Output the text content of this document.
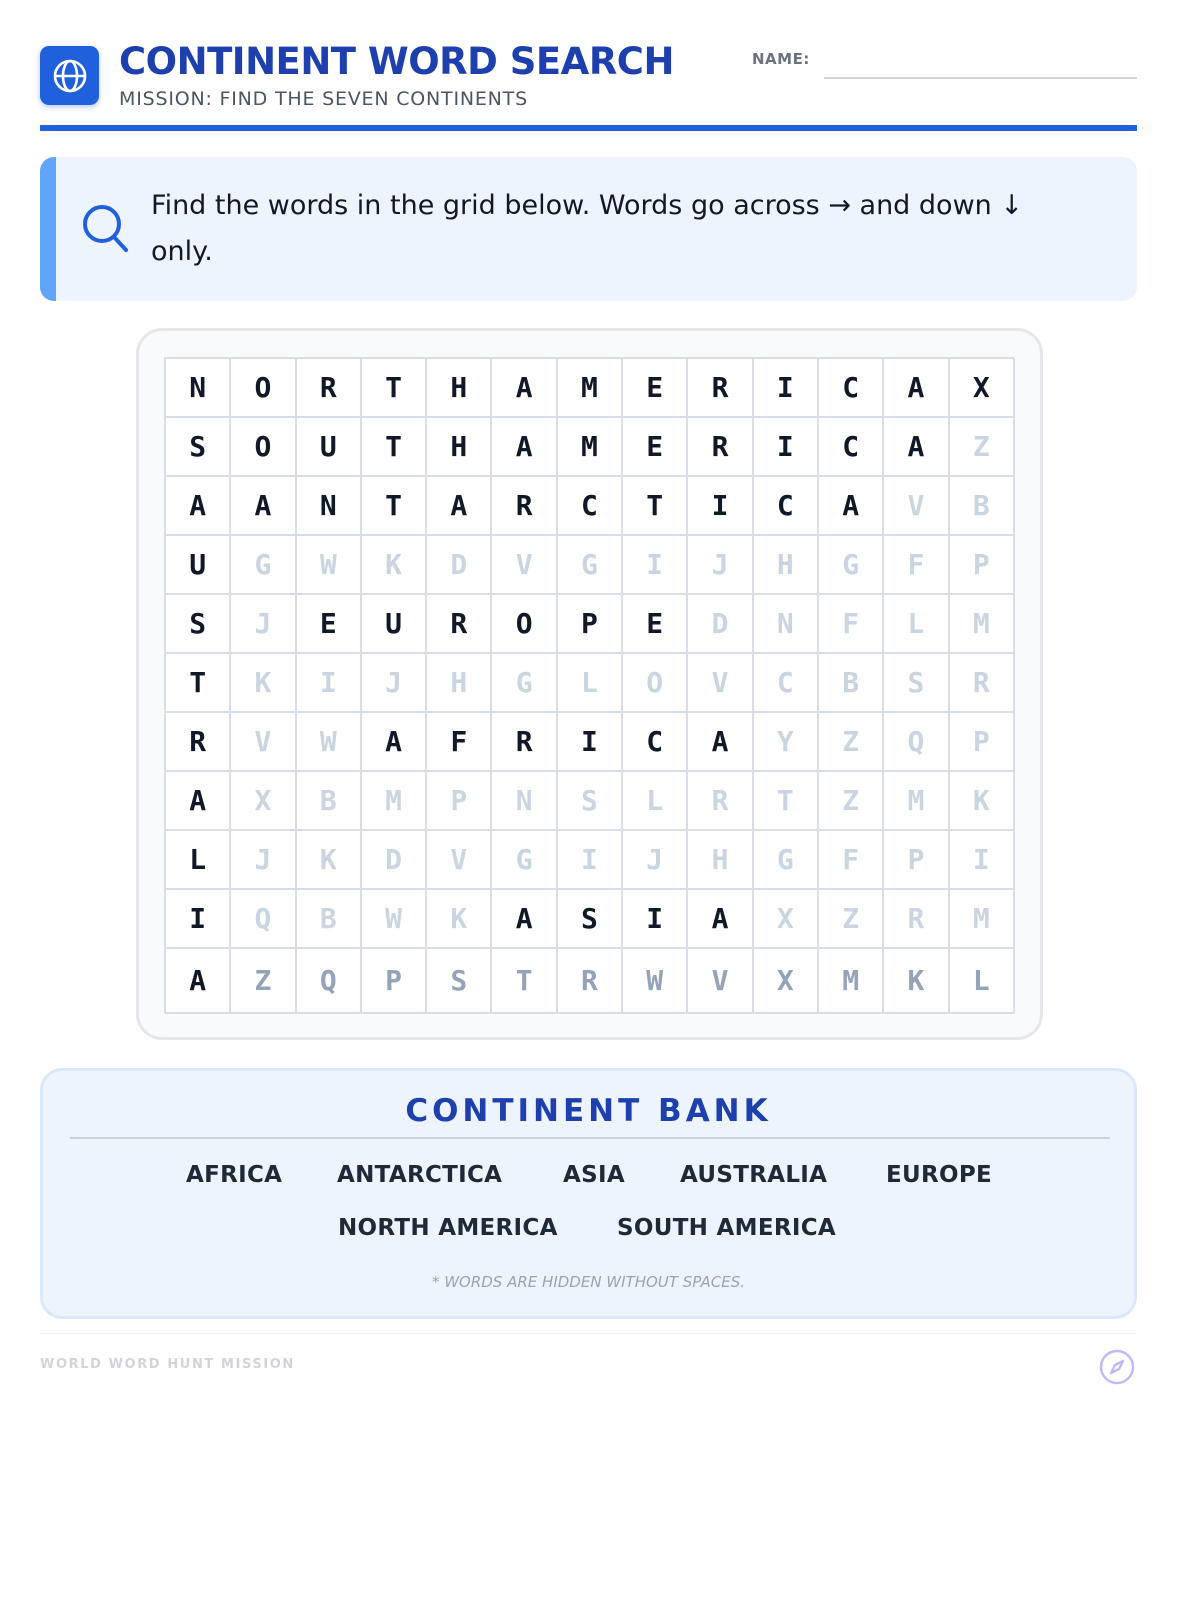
CONTINENT WORD SEARCH
MISSION: FIND THE SEVEN CONTINENTS
NAME:
Find the words in the grid below. Words go across → and down ↓ only.
N	O	R	T	H	A	M	E	R	I	C	A	X
S	O	U	T	H	A	M	E	R	I	C	A	Z
A	A	N	T	A	R	C	T	I	C	A	V	B
U	G	W	K	D	V	G	I	J	H	G	F	P
S	J	E	U	R	O	P	E	D	N	F	L	M
T	K	I	J	H	G	L	O	V	C	B	S	R
R	V	W	A	F	R	I	C	A	Y	Z	Q	P
A	X	B	M	P	N	S	L	R	T	Z	M	K
L	J	K	D	V	G	I	J	H	G	F	P	I
I	Q	B	W	K	A	S	I	A	X	Z	R	M
A	Z	Q	P	S	T	R	W	V	X	M	K	L
CONTINENT BANK
AFRICA ANTARCTICA	ASIA AUSTRALIA	EUROPE
NORTH AMERICA	SOUTH AMERICA
* WORDS ARE HIDDEN WITHOUT SPACES.
WORLD WORD HUNT MISSION
